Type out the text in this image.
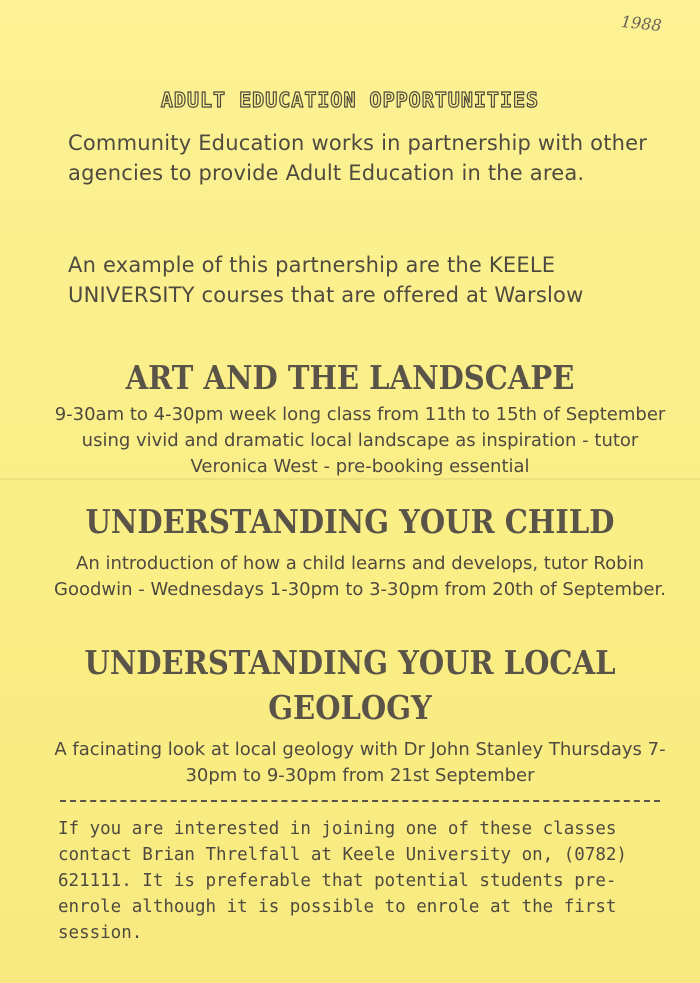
1988
ADULT EDUCATION OPPORTUNITIES
Community Education works in partnership with other agencies to provide Adult Education in the area.
An example of this partnership are the KEELE UNIVERSITY courses that are offered at Warslow
ART AND THE LANDSCAPE
9-30am to 4-30pm week long class from 11th to 15th of September using vivid and dramatic local landscape as inspiration - tutor Veronica West - pre-booking essential
UNDERSTANDING YOUR CHILD
An introduction of how a child learns and develops, tutor Robin Goodwin - Wednesdays 1-30pm to 3-30pm from 20th of September.
UNDERSTANDING YOUR LOCAL
GEOLOGY
A facinating look at local geology with Dr John Stanley Thursdays 7-30pm to 9-30pm from 21st September
If you are interested in joining one of these classes contact Brian Threlfall at Keele University on, (0782) 621111. It is preferable that potential students pre-enrole although it is possible to enrole at the first session.
